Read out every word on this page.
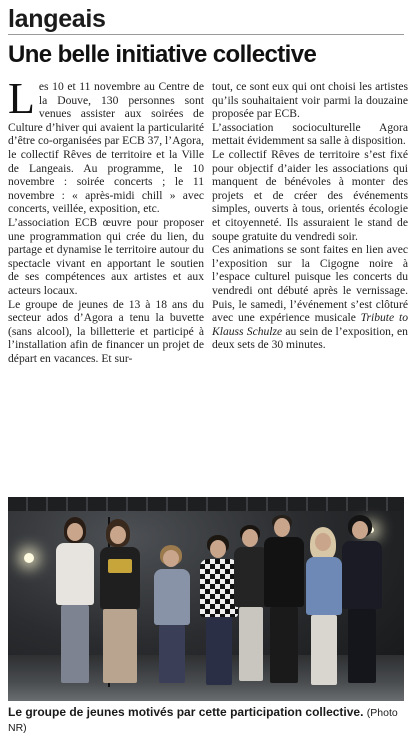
langeais
Une belle initiative collective

Les 10 et 11 novembre au Centre de la Douve, 130 personnes sont venues assister aux soirées de Culture d’hiver qui avaient la particularité d’être co-organisées par ECB 37, l’Agora, le collectif Rêves de territoire et la Ville de Langeais. Au programme, le 10 novembre : soirée concerts ; le 11 novembre : « après-midi chill » avec concerts, veillée, exposition, etc.

L’association ECB œuvre pour proposer une programmation qui crée du lien, du partage et dynamise le territoire autour du spectacle vivant en apportant le soutien de ses compétences aux artistes et aux acteurs locaux.

Le groupe de jeunes de 13 à 18 ans du secteur ados d’Agora a tenu la buvette (sans alcool), la billetterie et participé à l’installation afin de financer un projet de départ en vacances. Et sur-

tout, ce sont eux qui ont choisi les artistes qu’ils souhaitaient voir parmi la douzaine proposée par ECB.

L’association socioculturelle Agora mettait évidemment sa salle à disposition.

Le collectif Rêves de territoire s’est fixé pour objectif d’aider les associations qui manquent de bénévoles à monter des projets et de créer des événements simples, ouverts à tous, orientés écologie et citoyenneté. Ils assuraient le stand de soupe gratuite du vendredi soir.

Ces animations se sont faites en lien avec l’exposition sur la Cigogne noire à l’espace culturel puisque les concerts du vendredi ont débuté après le vernissage. Puis, le samedi, l’événement s’est clôturé avec une expérience musicale Tribute to Klauss Schulze au sein de l’exposition, en deux sets de 30 minutes.

Le groupe de jeunes motivés par cette participation collective. (Photo NR)
